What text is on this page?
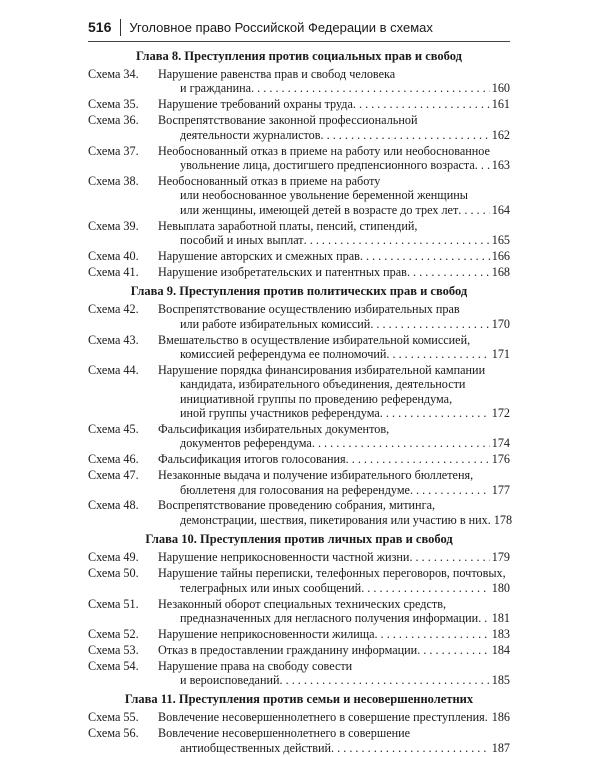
516 Уголовное право Российской Федерации в схемах
Глава 8. Преступления против социальных прав и свобод
Схема 34.	Нарушение равенства прав и свобод человека
и гражданина . . .	160
Схема 35.	Нарушение требований охраны труда . . .	161
Схема 36.	Воспрепятствование законной профессиональной
деятельности журналистов . . .	162
Схема 37.	Необоснованный отказ в приеме на работу или необоснованное
увольнение лица, достигшего предпенсионного возраста . . . 163
Схема 38.	Необоснованный отказ в приеме на работу
или необоснованное увольнение беременной женщины
или женщины, имеющей детей в возрасте до трех лет . . .	164
Схема 39.	Невыплата заработной платы, пенсий, стипендий,
пособий и иных выплат . . .	165
Схема 40.	Нарушение авторских и смежных прав . . .	166
Схема 41.	Нарушение изобретательских и патентных прав . . .	168
Глава 9. Преступления против политических прав и свобод
Схема 42.	Воспрепятствование осуществлению избирательных прав
или работе избирательных комиссий . . .	170
Схема 43.	Вмешательство в осуществление избирательной комиссией,
комиссией референдума ее полномочий . . .	171
Схема 44.	Нарушение порядка финансирования избирательной кампании
кандидата, избирательного объединения, деятельности
инициативной группы по проведению референдума,
иной группы участников референдума . . .	172
Схема 45.	Фальсификация избирательных документов,
документов референдума . . .	174
Схема 46.	Фальсификация итогов голосования . . .	176
Схема 47.	Незаконные выдача и получение избирательного бюллетеня,
бюллетеня для голосования на референдуме . . .	177
Схема 48.	Воспрепятствование проведению собрания, митинга,
демонстрации, шествия, пикетирования или участию в них . . . 178
Глава 10. Преступления против личных прав и свобод
Схема 49.	Нарушение неприкосновенности частной жизни . . .	179
Схема 50.	Нарушение тайны переписки, телефонных переговоров, почтовых,
телеграфных или иных сообщений . . .	180
Схема 51.	Незаконный оборот специальных технических средств,
предназначенных для негласного получения информации . . . 181
Схема 52.	Нарушение неприкосновенности жилища . . .	183
Схема 53.	Отказ в предоставлении гражданину информации . . .	184
Схема 54.	Нарушение права на свободу совести
и вероисповеданий . . .	185
Глава 11. Преступления против семьи и несовершеннолетних
Схема 55.	Вовлечение несовершеннолетнего в совершение преступления . . . 186
Схема 56.	Вовлечение несовершеннолетнего в совершение
антиобщественных действий . . .	187
